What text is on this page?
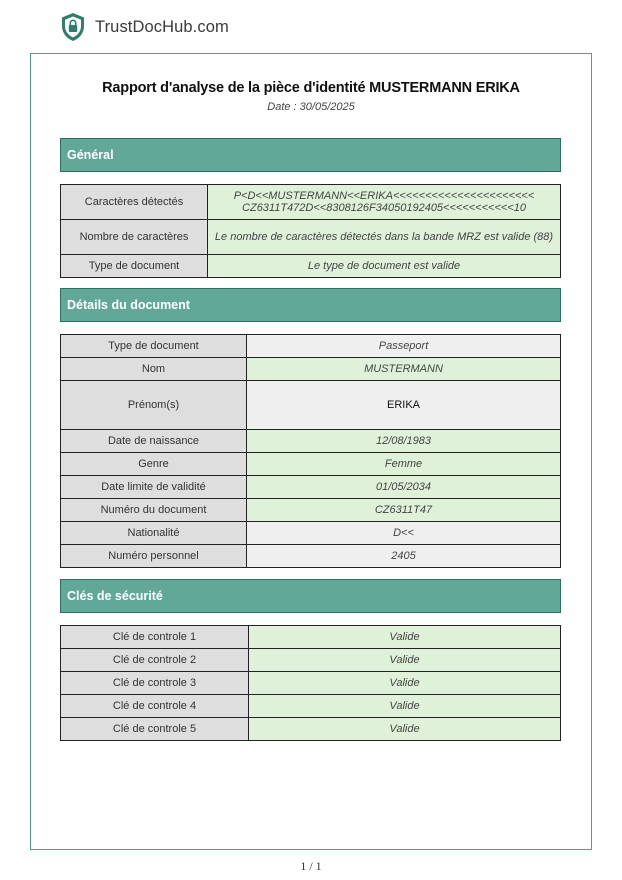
TrustDocHub.com
Rapport d'analyse de la pièce d'identité MUSTERMANN ERIKA
Date : 30/05/2025
Général
Caractères détectés	P<D<<MUSTERMANN<<ERIKA<<<<<<<<<<<<<<<<<<<<<<
CZ6311T472D<<8308126F34050192405<<<<<<<<<<<10

Nombre de caractères	Le nombre de caractères détectés dans la bande MRZ est valide (88)
Type de document	Le type de document est valide
Détails du document
Type de document	Passeport
Nom	MUSTERMANN
Prénom(s)	ERIKA
Date de naissance	12/08/1983
Genre	Femme
Date limite de validité	01/05/2034
Numéro du document	CZ6311T47
Nationalité	D<<
Numéro personnel	2405
Clés de sécurité
Clé de controle 1	Valide
Clé de controle 2	Valide
Clé de controle 3	Valide
Clé de controle 4	Valide
Clé de controle 5	Valide
1 / 1
